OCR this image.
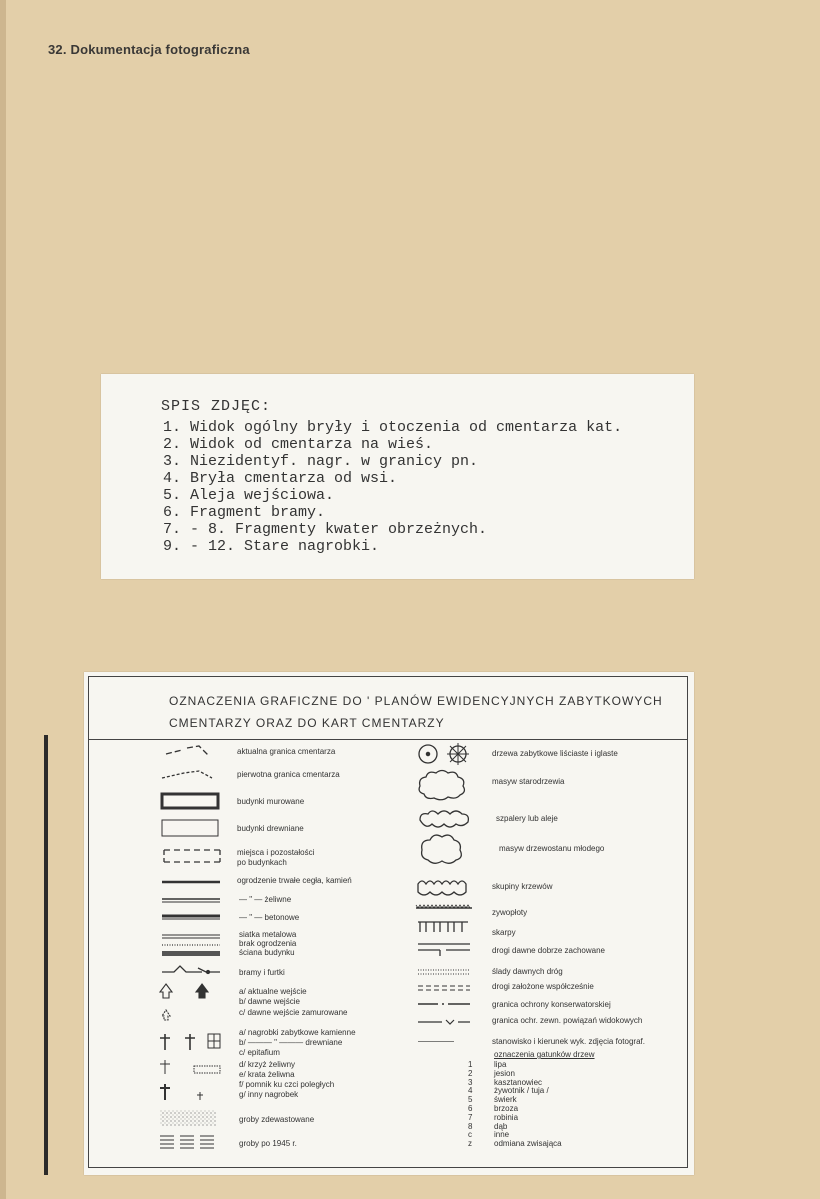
32. Dokumentacja fotograficzna
SPIS ZDJĘC:
1. Widok ogólny bryły i otoczenia od cmentarza kat.
2. Widok od cmentarza na wieś.
3. Niezidentyf. nagr. w granicy pn.
4. Bryła cmentarza od wsi.
5. Aleja wejściowa.
6. Fragment bramy.
7. - 8. Fragmenty kwater obrzeżnych.
9. - 12. Stare nagrobki.
OZNACZENIA GRAFICZNE DO ' PLANÓW EWIDENCYJNYCH ZABYTKOWYCH
CMENTARZY ORAZ DO KART CMENTARZY
aktualna granica cmentarza
pierwotna granica cmentarza
budynki murowane
budynki drewniane
miejsca i pozostałości
po budynkach
ogrodzenie trwałe cegła, kamień
— " — żeliwne
— " — betonowe
siatka metalowa
brak ogrodzenia
ściana budynku
bramy i furtki
a/ aktualne wejście
b/ dawne wejście
c/ dawne wejście zamurowane
a/ nagrobki zabytkowe kamienne
b/ ——— " ——— drewniane
c/ epitafium
d/ krzyż żeliwny
e/ krata żeliwna
f/ pomnik ku czci poległych
g/ inny nagrobek
groby zdewastowane
groby po 1945 r.
drzewa zabytkowe liściaste i iglaste
masyw starodrzewia
szpalery lub aleje
masyw drzewostanu młodego
skupiny krzewów
zywopłoty
skarpy
drogi dawne dobrze zachowane
ślady dawnych dróg
drogi założone współcześnie
granica ochrony konserwatorskiej
granica ochr. zewn. powiązań widokowych
stanowisko i kierunek wyk. zdjęcia fotograf.
oznaczenia gatunków drzew
1
2
3
4
5
6
7
8
c
z
lipa
jesion
kasztanowiec
żywotnik / tuja /
świerk
brzoza
robinia
dąb
inne
odmiana zwisająca
